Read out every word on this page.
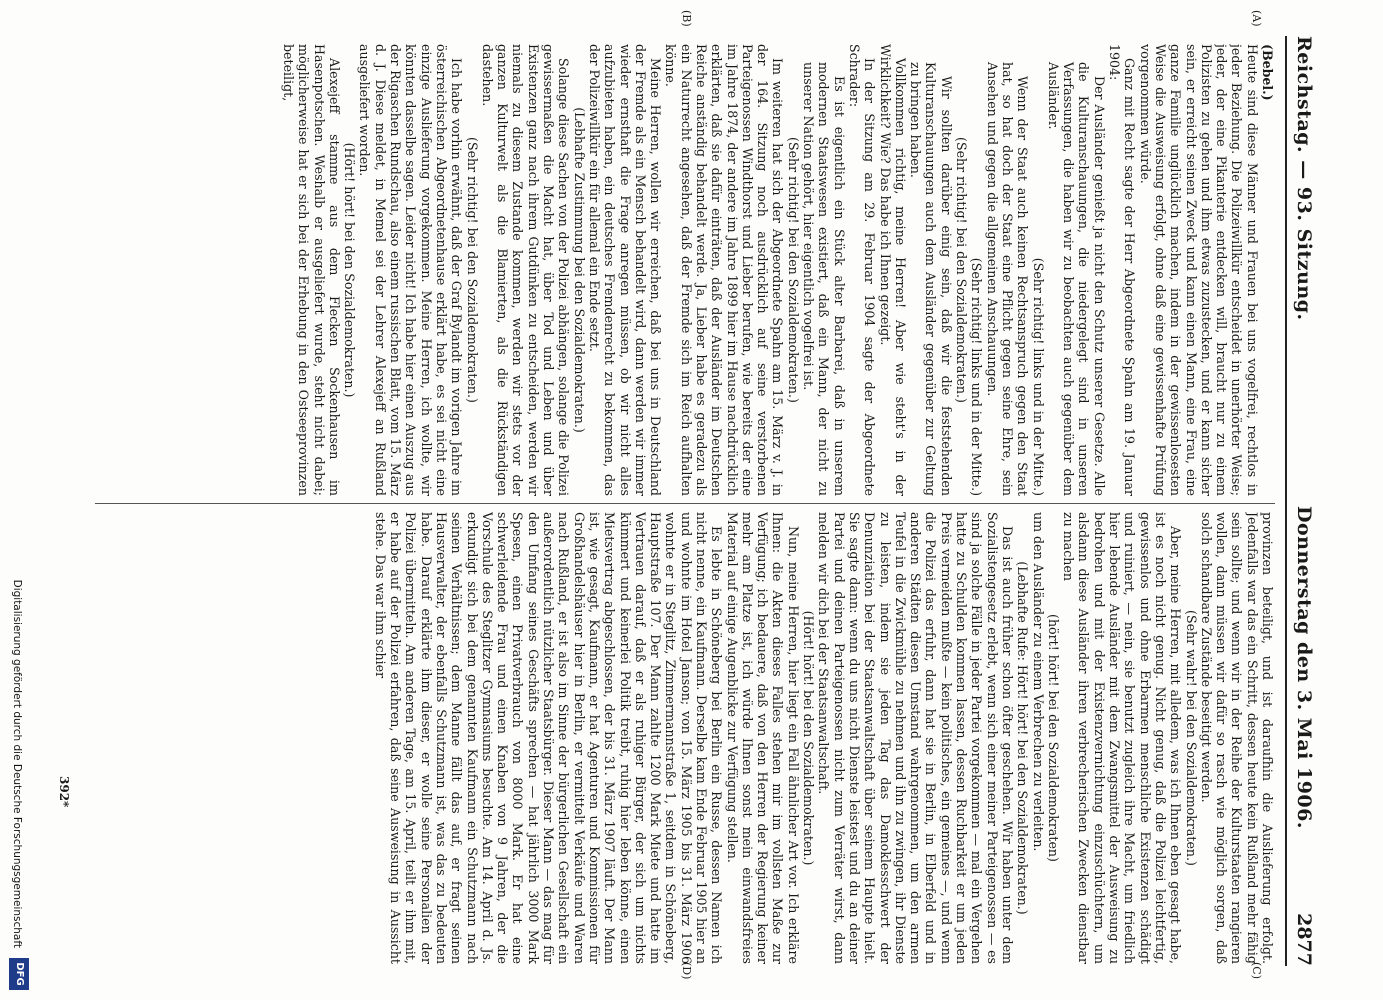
Reichstag. — 93. Sitzung.
Donnerstag den 3. Mai 1906.
2877
(A)
(B)
(C)
(D)

(Bebel.)

Heute sind diese Männer und Frauen bei uns vogelfrei, rechtlos in jeder Beziehung. Die Polizeiwillkür entscheidet in unerhörter Weise; jeder, der eine Pikanterie entdecken will, braucht nur zu einem Polizisten zu gehen und ihm etwas zuzustecken, und er kann sicher sein, er erreicht seinen Zweck und kann einen Mann, eine Frau, eine ganze Familie unglücklich machen, indem in der gewissenlosesten Weise die Ausweisung erfolgt, ohne daß eine gewissenhafte Prüfung vorgenommen würde.

Ganz mit Recht sagte der Herr Abgeordnete Spahn am 19. Januar 1904:

Der Ausländer genießt ja nicht den Schutz unserer Gesetze. Alle die Kulturanschauungen, die niedergelegt sind in unseren Verfassungen, die haben wir zu beobachten auch gegenüber dem Ausländer.

(Sehr richtig! links und in der Mitte.)

Wenn der Staat auch keinen Rechtsanspruch gegen den Staat hat, so hat doch der Staat eine Pflicht gegen seine Ehre, sein Ansehen und gegen die allgemeinen Anschauungen.

(Sehr richtig! links und in der Mitte.)

(Sehr richtig! bei den Sozialdemokraten.)

Wir sollten darüber einig sein, daß wir die feststehenden Kulturanschauungen auch dem Ausländer gegenüber zur Geltung zu bringen haben.

Vollkommen richtig, meine Herren! Aber wie steht's in der Wirklichkeit? Wie? Das habe ich Ihnen gezeigt.

In der Sitzung am 29. Februar 1904 sagte der Abgeordnete Schrader:

Es ist eigentlich ein Stück alter Barbarei, daß in unserem modernen Staatswesen existiert, daß ein Mann, der nicht zu unserer Nation gehört, hier eigentlich vogelfrei ist.

(Sehr richtig! bei den Sozialdemokraten.)

Im weiteren hat sich der Abgeordnete Spahn am 15. März v. J. in der 164. Sitzung noch ausdrücklich auf seine verstorbenen Parteigenossen Windthorst und Lieber berufen, wie bereits der eine im Jahre 1874, der andere im Jahre 1899 hier im Hause nachdrücklich erklärten, daß sie dafür einträten, daß der Ausländer im Deutschen Reiche anständig behandelt werde. Ja, Lieber habe es geradezu als ein Naturrecht angesehen, daß der Fremde sich im Reich aufhalten könne.

Meine Herren, wollen wir erreichen, daß bei uns in Deutschland der Fremde als ein Mensch behandelt wird, dann werden wir immer wieder ernsthaft die Frage anregen müssen, ob wir nicht alles aufzubieten haben, ein deutsches Fremdenrecht zu bekommen, das der Polizeiwillkür ein für allemal ein Ende setzt.

(Lebhafte Zustimmung bei den Sozialdemokraten.)

Solange diese Sachen von der Polizei abhängen, solange die Polizei gewissermaßen die Macht hat, über Tod und Leben und über Existenzen ganz nach ihrem Gutdünken zu entscheiden, werden wir niemals zu diesem Zustande kommen, werden wir stets vor der ganzen Kulturwelt als die Blamierten, als die Rückständigen dastehen.

(Sehr richtig! bei den Sozialdemokraten.)

Ich habe vorhin erwähnt, daß der Graf Bylandt im vorigen Jahre im österreichischen Abgeordnetenhause erklärt habe, es sei nicht eine einzige Auslieferung vorgekommen. Meine Herren, ich wollte, wir könnten dasselbe sagen. Leider nicht! Ich habe hier einen Auszug aus der Rigaschen Rundschau, also einem russischen Blatt, vom 15. März d. J. Diese meldet, in Memel sei der Lehrer Alexejeff an Rußland ausgeliefert worden.

(Hört! hört! bei den Sozialdemokraten.)

Alexejeff stamme aus dem Flecken Sockenhausen im Hasenpotschen. Weshalb er ausgeliefert wurde, steht nicht dabei; möglicherweise hat er sich bei der Erhebung in den Ostseeprovinzen beteiligt,

provinzen beteiligt, und ist daraufhin die Auslieferung erfolgt. Jedenfalls war das ein Schritt, dessen heute kein Rußland mehr fähig sein sollte; und wenn wir in der Reihe der Kulturstaaten rangieren wollen, dann müssen wir dafür so rasch wie möglich sorgen, daß solch schandbare Zustände beseitigt werden.

(Sehr wahr! bei den Sozialdemokraten.)

Aber, meine Herren, mit alledem, was ich Ihnen eben gesagt habe, ist es noch nicht genug. Nicht genug, daß die Polizei leichtfertig, gewissenlos und ohne Erbarmen menschliche Existenzen schädigt und ruiniert, — nein, sie benutzt zugleich ihre Macht, um friedlich hier lebende Ausländer mit dem Zwangsmittel der Ausweisung zu bedrohen und mit der Existenzvernichtung einzuschüchtern, um alsdann diese Ausländer ihren verbrecherischen Zwecken dienstbar zu machen

(hört! hört! bei den Sozialdemokraten)

um den Ausländer zu einem Verbrechen zu verleiten.

(Lebhafte Rufe: Hört! hört! bei den Sozialdemokraten.)

Das ist auch früher schon öfter geschehen. Wir haben unter dem Sozialistengesetz erlebt, wenn sich einer meiner Parteigenossen — es sind ja solche Fälle in jeder Partei vorgekommen — mal ein Vergehen hatte zu Schulden kommen lassen, dessen Ruchbarkeit er um jeden Preis vermeiden mußte — kein politisches, ein gemeines —, und wenn die Polizei das erfuhr, dann hat sie in Berlin, in Elberfeld und in anderen Städten diesen Umstand wahrgenommen, um den armen Teufel in die Zwickmühle zu nehmen und ihn zu zwingen, ihr Dienste zu leisten, indem sie jeden Tag das Damoklesschwert der Denunziation bei der Staatsanwaltschaft über seinem Haupte hielt. Sie sagte dann: wenn du uns nicht Dienste leistest und du an deiner Partei und deinen Parteigenossen nicht zum Verräter wirst, dann melden wir dich bei der Staatsanwaltschaft.

(Hört! hört! bei den Sozialdemokraten.)

Nun, meine Herren, hier liegt ein Fall ähnlicher Art vor. Ich erkläre Ihnen: die Akten dieses Falles stehen mir im vollsten Maße zur Verfügung; ich bedauere, daß von den Herren der Regierung keiner mehr am Platze ist, ich würde Ihnen sonst mein einwandsfreies Material auf einige Augenblicke zur Verfügung stellen.

Es lebte in Schöneberg bei Berlin ein Russe, dessen Namen ich nicht nenne, ein Kaufmann. Derselbe kam Ende Februar 1905 hier an und wohnte im Hotel Janson; von 15. März 1905 bis 31. März 1906 wohnte er in Steglitz, Zimmermannstraße 1, seitdem in Schöneberg, Hauptstraße 107. Der Mann zahlte 1200 Mark Miete und hatte im Vertrauen darauf, daß er als ruhiger Bürger, der sich um nichts kümmert und keinerlei Politik treibt, ruhig hier leben könne, einen Mietsvertrag abgeschlossen, der bis 31. März 1907 läuft. Der Mann ist, wie gesagt, Kaufmann, er hat Agenturen und Kommissionen für Großhandelshäuser hier in Berlin, er vermittelt Verkäufe und Waren nach Rußland, er ist also im Sinne der bürgerlichen Gesellschaft ein außerordentlich nützlicher Staatsbürger. Dieser Mann — das mag für den Umfang seines Geschäfts sprechen — hat jährlich 3000 Mark Spesen, einen Privatverbrauch von 8000 Mark. Er hat eine schwerleidende Frau und einen Knaben von 9 Jahren, der die Vorschule des Steglitzer Gymnasiums besuchte. Am 14. April d. Js. erkundigt sich bei dem genannten Kaufmann ein Schutzmann nach seinen Verhältnissen; dem Manne fällt das auf, er fragt seinen Hausverwalter, der ebenfalls Schutzmann ist, was das zu bedeuten habe. Darauf erklärte ihm dieser, er wolle seine Personalien der Polizei übermitteln. Am anderen Tage, am 15. April, teilt er ihm mit, er habe auf der Polizei erfahren, daß seine Ausweisung in Aussicht stehe. Das war ihm schier

392*
Digitalisierung gefördert durch die Deutsche Forschungsgemeinschaft
DFG
